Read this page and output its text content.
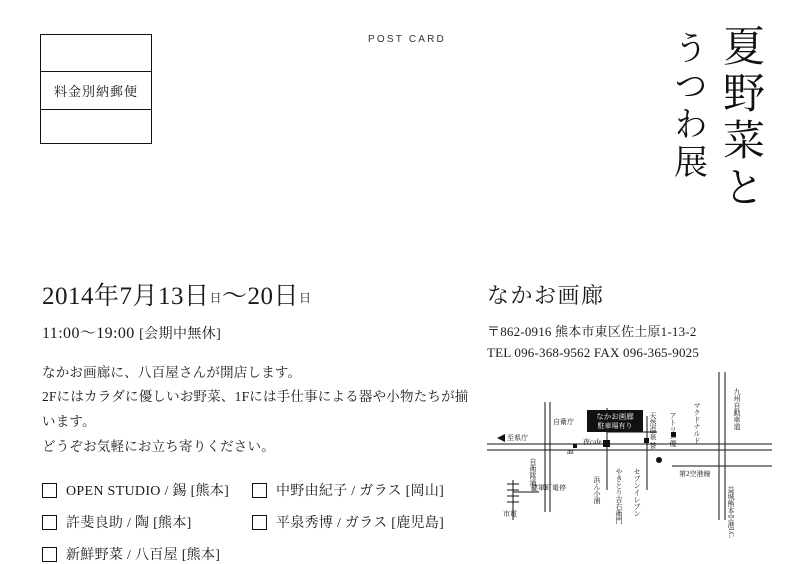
料金別納郵便
POST CARD	うつわ展 夏野菜と
2014年7月13日日〜20日日
11:00〜19:00 [会期中無休]
なかお画廊に、八百屋さんが開店します。
2Fにはカラダに優しいお野菜、1Fには手仕事による器や小物たちが揃います。
どうぞお気軽にお立ち寄りください。
OPEN STUDIO / 錫 [熊本]	中野由紀子 / ガラス [岡山]
許斐良助 / 陶 [熊本]	平泉秀博 / ガラス [鹿児島]
新鮮野菜 / 八百屋 [熊本]
なかお画廊
〒862-0916 熊本市東区佐土原1-13-2
TEL 096-368-9562 FAX 096-365-9025
なかお画廊
駐車場有り
至県庁	夜cafe
au
自衛庁	天然温泉 茶 アトリエ優 マクドナルド	九州自動車道
自衛隊通り	セブンイレブン
やきとり吉右衛門
浜ん小浦
健軍町電停
市電
第2空港線
益城熊本空港I.C.
